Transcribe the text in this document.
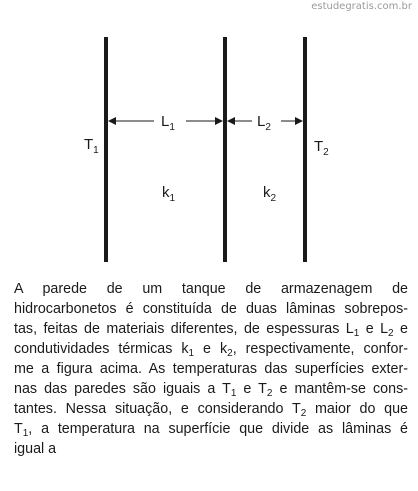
estudegratis.com.br
$T_1$
$L_1$	$L_2$
$T_2$
$k_1$	$k_2$
A parede de um tanque de armazenagem de
hidrocarbonetos é constituída de duas lâminas sobrepos-
tas, feitas de materiais diferentes, de espessuras $L_1$ e $L_2$ e
condutividades térmicas $k_1$ e $k_2$, respectivamente, confor-
me a figura acima. As temperaturas das superfícies exter-
nas das paredes são iguais a $T_1$ e $T_2$ e mantêm-se cons-
tantes. Nessa situação, e considerando $T_2$ maior do que
$T_1$, a temperatura na superfície que divide as lâminas é
igual a
